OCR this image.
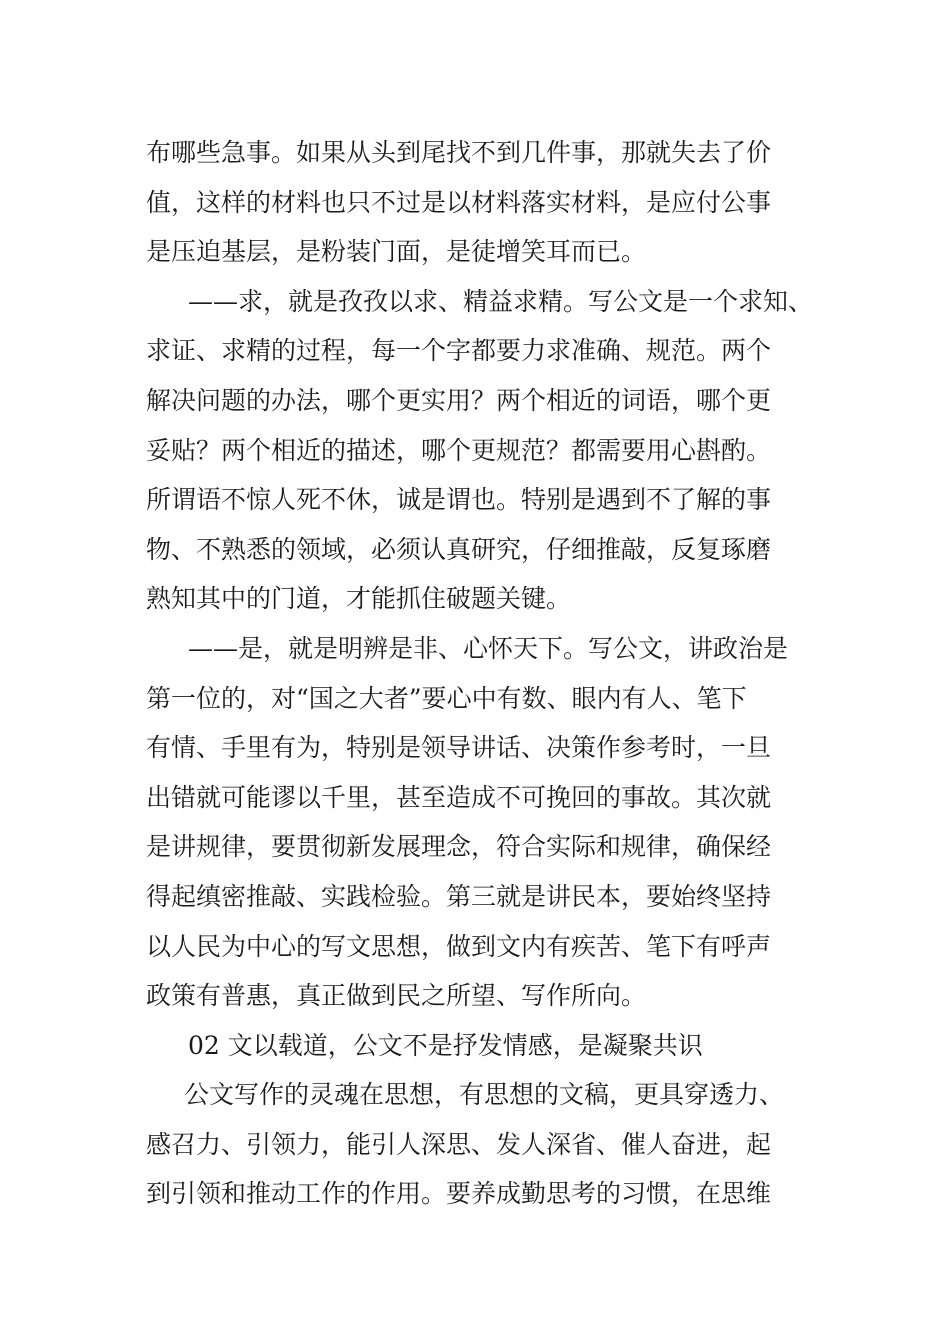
布哪些急事。如果从头到尾找不到几件事，那就失去了价

值，这样的材料也只不过是以材料落实材料，是应付公事

是压迫基层，是粉装门面，是徒增笑耳而已。

——求，就是孜孜以求、精益求精。写公文是一个求知、

求证、求精的过程，每一个字都要力求准确、规范。两个

解决问题的办法，哪个更实用？两个相近的词语，哪个更

妥贴？两个相近的描述，哪个更规范？都需要用心斟酌。

所谓语不惊人死不休，诚是谓也。特别是遇到不了解的事

物、不熟悉的领域，必须认真研究，仔细推敲，反复琢磨

熟知其中的门道，才能抓住破题关键。

——是，就是明辨是非、心怀天下。写公文，讲政治是

第一位的，对“国之大者”要心中有数、眼内有人、笔下

有情、手里有为，特别是领导讲话、决策作参考时，一旦

出错就可能谬以千里，甚至造成不可挽回的事故。其次就

是讲规律，要贯彻新发展理念，符合实际和规律，确保经

得起缜密推敲、实践检验。第三就是讲民本，要始终坚持

以人民为中心的写文思想，做到文内有疾苦、笔下有呼声

政策有普惠，真正做到民之所望、写作所向。

02 文以载道，公文不是抒发情感，是凝聚共识

公文写作的灵魂在思想，有思想的文稿，更具穿透力、

感召力、引领力，能引人深思、发人深省、催人奋进，起

到引领和推动工作的作用。要养成勤思考的习惯，在思维
